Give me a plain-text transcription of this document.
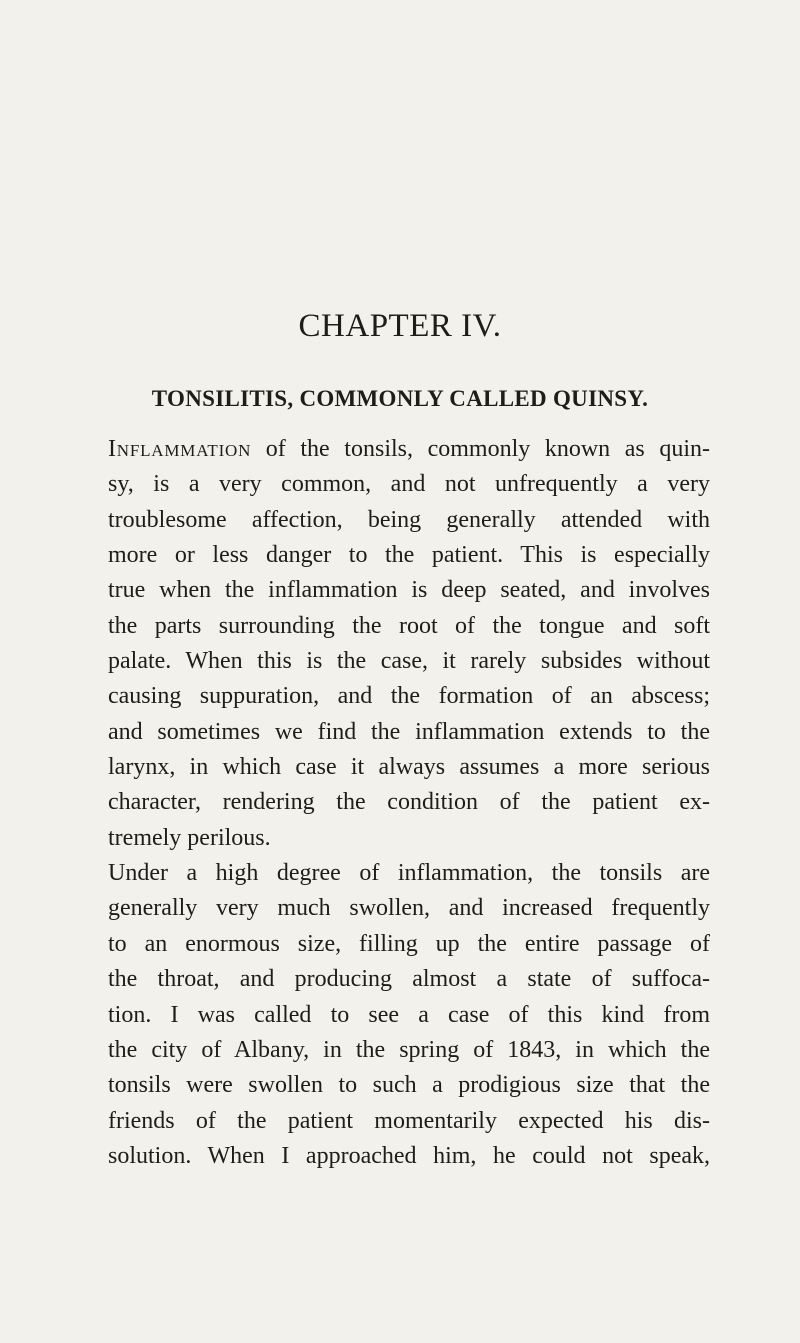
CHAPTER IV.
TONSILITIS, COMMONLY CALLED QUINSY.
Inflammation of the tonsils, commonly known as quin-
sy, is a very common, and not unfrequently a very
troublesome affection, being generally attended with
more or less danger to the patient. This is especially
true when the inflammation is deep seated, and involves
the parts surrounding the root of the tongue and soft
palate. When this is the case, it rarely subsides without
causing suppuration, and the formation of an abscess;
and sometimes we find the inflammation extends to the
larynx, in which case it always assumes a more serious
character, rendering the condition of the patient ex-
tremely perilous.
Under a high degree of inflammation, the tonsils are
generally very much swollen, and increased frequently
to an enormous size, filling up the entire passage of
the throat, and producing almost a state of suffoca-
tion. I was called to see a case of this kind from
the city of Albany, in the spring of 1843, in which the
tonsils were swollen to such a prodigious size that the
friends of the patient momentarily expected his dis-
solution. When I approached him, he could not speak,
